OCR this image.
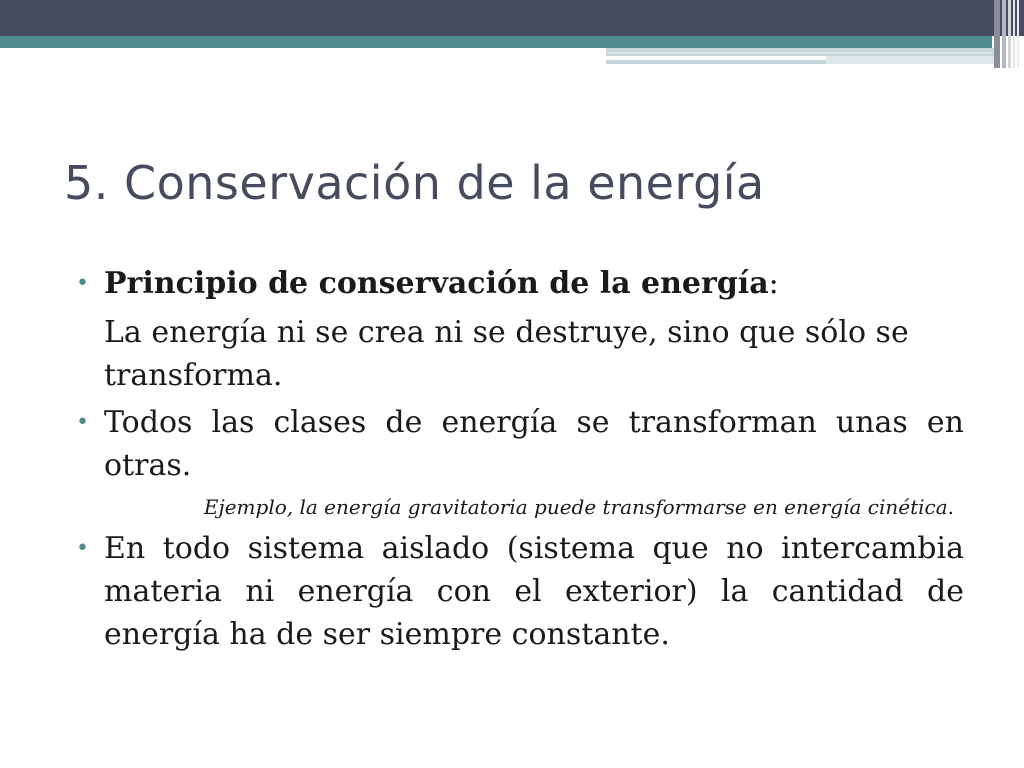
5. Conservación de la energía
• Principio de conservación de la energía:
La energía ni se crea ni se destruye, sino que sólo se transforma.
• Todos las clases de energía se transforman unas en otras.
Ejemplo, la energía gravitatoria puede transformarse en energía cinética.
• En todo sistema aislado (sistema que no intercambia materia ni energía con el exterior) la cantidad de energía ha de ser siempre constante.
